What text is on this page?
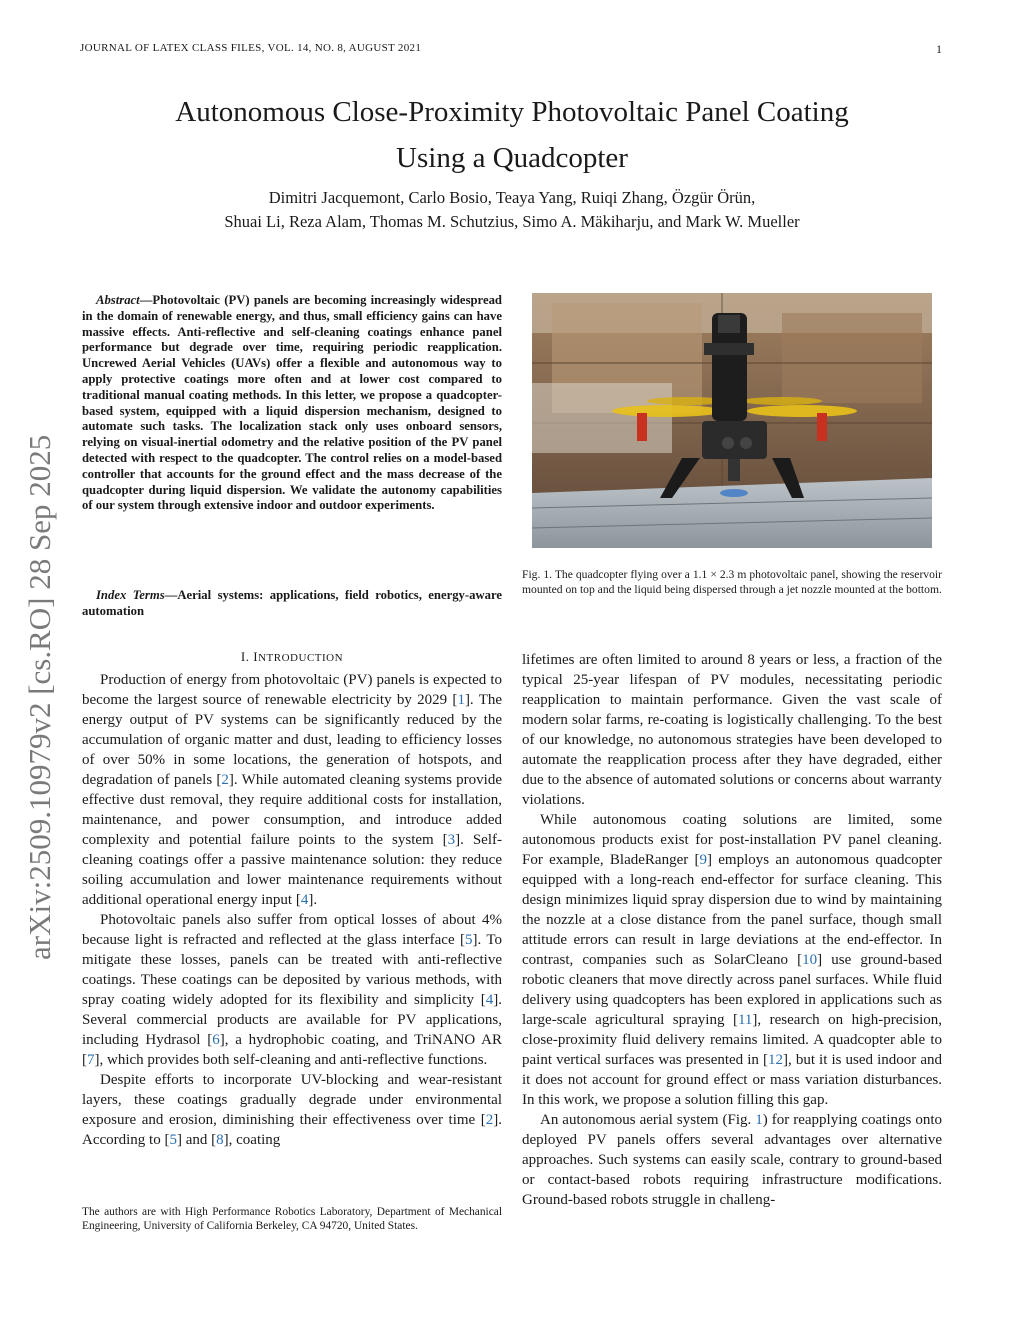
JOURNAL OF LATEX CLASS FILES, VOL. 14, NO. 8, AUGUST 2021	1
Autonomous Close-Proximity Photovoltaic Panel Coating
Using a Quadcopter
Dimitri Jacquemont, Carlo Bosio, Teaya Yang, Ruiqi Zhang, Özgür Örün,
Shuai Li, Reza Alam, Thomas M. Schutzius, Simo A. Mäkiharju, and Mark W. Mueller
arXiv:2509.10979v2 [cs.RO] 28 Sep 2025

Abstract—Photovoltaic (PV) panels are becoming increasingly widespread in the domain of renewable energy, and thus, small efficiency gains can have massive effects. Anti-reflective and self-cleaning coatings enhance panel performance but degrade over time, requiring periodic reapplication. Uncrewed Aerial Vehicles (UAVs) offer a flexible and autonomous way to apply protective coatings more often and at lower cost compared to traditional manual coating methods. In this letter, we propose a quadcopter-based system, equipped with a liquid dispersion mechanism, designed to automate such tasks. The localization stack only uses onboard sensors, relying on visual-inertial odometry and the relative position of the PV panel detected with respect to the quadcopter. The control relies on a model-based controller that accounts for the ground effect and the mass decrease of the quadcopter during liquid dispersion. We validate the autonomy capabilities of our system through extensive indoor and outdoor experiments.

Index Terms—Aerial systems: applications, field robotics, energy-aware automation

I. INTRODUCTION

Production of energy from photovoltaic (PV) panels is expected to become the largest source of renewable electricity by 2029 [1]. The energy output of PV systems can be significantly reduced by the accumulation of organic matter and dust, leading to efficiency losses of over 50% in some locations, the generation of hotspots, and degradation of panels [2]. While automated cleaning systems provide effective dust removal, they require additional costs for installation, maintenance, and power consumption, and introduce added complexity and potential failure points to the system [3]. Self-cleaning coatings offer a passive maintenance solution: they reduce soiling accumulation and lower maintenance requirements without additional operational energy input [4].

Photovoltaic panels also suffer from optical losses of about 4% because light is refracted and reflected at the glass interface [5]. To mitigate these losses, panels can be treated with anti-reflective coatings. These coatings can be deposited by various methods, with spray coating widely adopted for its flexibility and simplicity [4]. Several commercial products are available for PV applications, including Hydrasol [6], a hydrophobic coating, and TriNANO AR [7], which provides both self-cleaning and anti-reflective functions.

Despite efforts to incorporate UV-blocking and wear-resistant layers, these coatings gradually degrade under environmental exposure and erosion, diminishing their effectiveness over time [2]. According to [5] and [8], coating

The authors are with High Performance Robotics Laboratory, Department of Mechanical Engineering, University of California Berkeley, CA 94720, United States.
Fig. 1. The quadcopter flying over a 1.1 × 2.3 m photovoltaic panel, showing the reservoir mounted on top and the liquid being dispersed through a jet nozzle mounted at the bottom.

lifetimes are often limited to around 8 years or less, a fraction of the typical 25-year lifespan of PV modules, necessitating periodic reapplication to maintain performance. Given the vast scale of modern solar farms, re-coating is logistically challenging. To the best of our knowledge, no autonomous strategies have been developed to automate the reapplication process after they have degraded, either due to the absence of automated solutions or concerns about warranty violations.

While autonomous coating solutions are limited, some autonomous products exist for post-installation PV panel cleaning. For example, BladeRanger [9] employs an autonomous quadcopter equipped with a long-reach end-effector for surface cleaning. This design minimizes liquid spray dispersion due to wind by maintaining the nozzle at a close distance from the panel surface, though small attitude errors can result in large deviations at the end-effector. In contrast, companies such as SolarCleano [10] use ground-based robotic cleaners that move directly across panel surfaces. While fluid delivery using quadcopters has been explored in applications such as large-scale agricultural spraying [11], research on high-precision, close-proximity fluid delivery remains limited. A quadcopter able to paint vertical surfaces was presented in [12], but it is used indoor and it does not account for ground effect or mass variation disturbances. In this work, we propose a solution filling this gap.

An autonomous aerial system (Fig. 1) for reapplying coatings onto deployed PV panels offers several advantages over alternative approaches. Such systems can easily scale, contrary to ground-based or contact-based robots requiring infrastructure modifications. Ground-based robots struggle in challeng-
